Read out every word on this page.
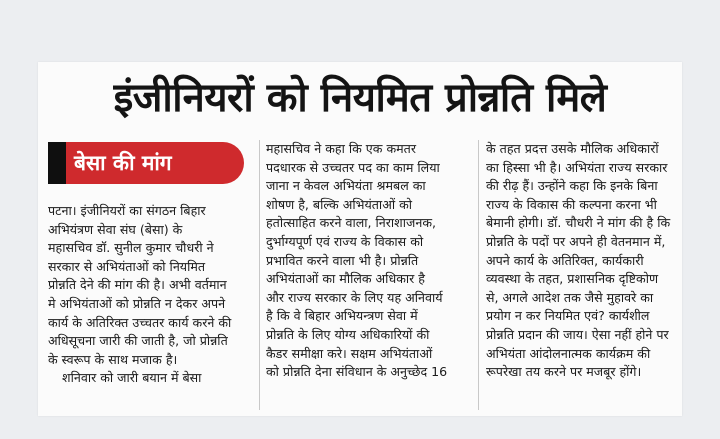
इंजीनियरों को नियमित प्रोन्नति मिले
बेसा की मांग
पटना। इंजीनियरों का संगठन बिहार
अभियंत्रण सेवा संघ (बेसा) के
महासचिव डॉ. सुनील कुमार चौधरी ने
सरकार से अभियंताओं को नियमित
प्रोन्नति देने की मांग की है। अभी वर्तमान
मे अभियंताओं को प्रोन्नति न देकर अपने
कार्य के अतिरिक्त उच्चतर कार्य करने की
अधिसूचना जारी की जाती है, जो प्रोन्नति
के स्वरूप के साथ मजाक है।
शनिवार को जारी बयान में बेसा
महासचिव ने कहा कि एक कमतर
पदधारक से उच्चतर पद का काम लिया
जाना न केवल अभियंता श्रमबल का
शोषण है, बल्कि अभियंताओं को
हतोत्साहित करने वाला, निराशाजनक,
दुर्भाग्यपूर्ण एवं राज्य के विकास को
प्रभावित करने वाला भी है। प्रोन्नति
अभियंताओं का मौलिक अधिकार है
और राज्य सरकार के लिए यह अनिवार्य
है कि वे बिहार अभियन्त्रण सेवा में
प्रोन्नति के लिए योग्य अधिकारियों की
कैडर समीक्षा करे। सक्षम अभियंताओं
को प्रोन्नति देना संविधान के अनुच्छेद 16
के तहत प्रदत्त उसके मौलिक अधिकारों
का हिस्सा भी है। अभियंता राज्य सरकार
की रीढ़ हैं। उन्होंने कहा कि इनके बिना
राज्य के विकास की कल्पना करना भी
बेमानी होगी। डॉ. चौधरी ने मांग की है कि
प्रोन्नति के पदों पर अपने ही वेतनमान में,
अपने कार्य के अतिरिक्त, कार्यकारी
व्यवस्था के तहत, प्रशासनिक दृष्टिकोण
से, अगले आदेश तक जैसे मुहावरे का
प्रयोग न कर नियमित एवं? कार्यशील
प्रोन्नति प्रदान की जाय। ऐसा नहीं होने पर
अभियंता आंदोलनात्मक कार्यक्रम की
रूपरेखा तय करने पर मजबूर होंगे।
